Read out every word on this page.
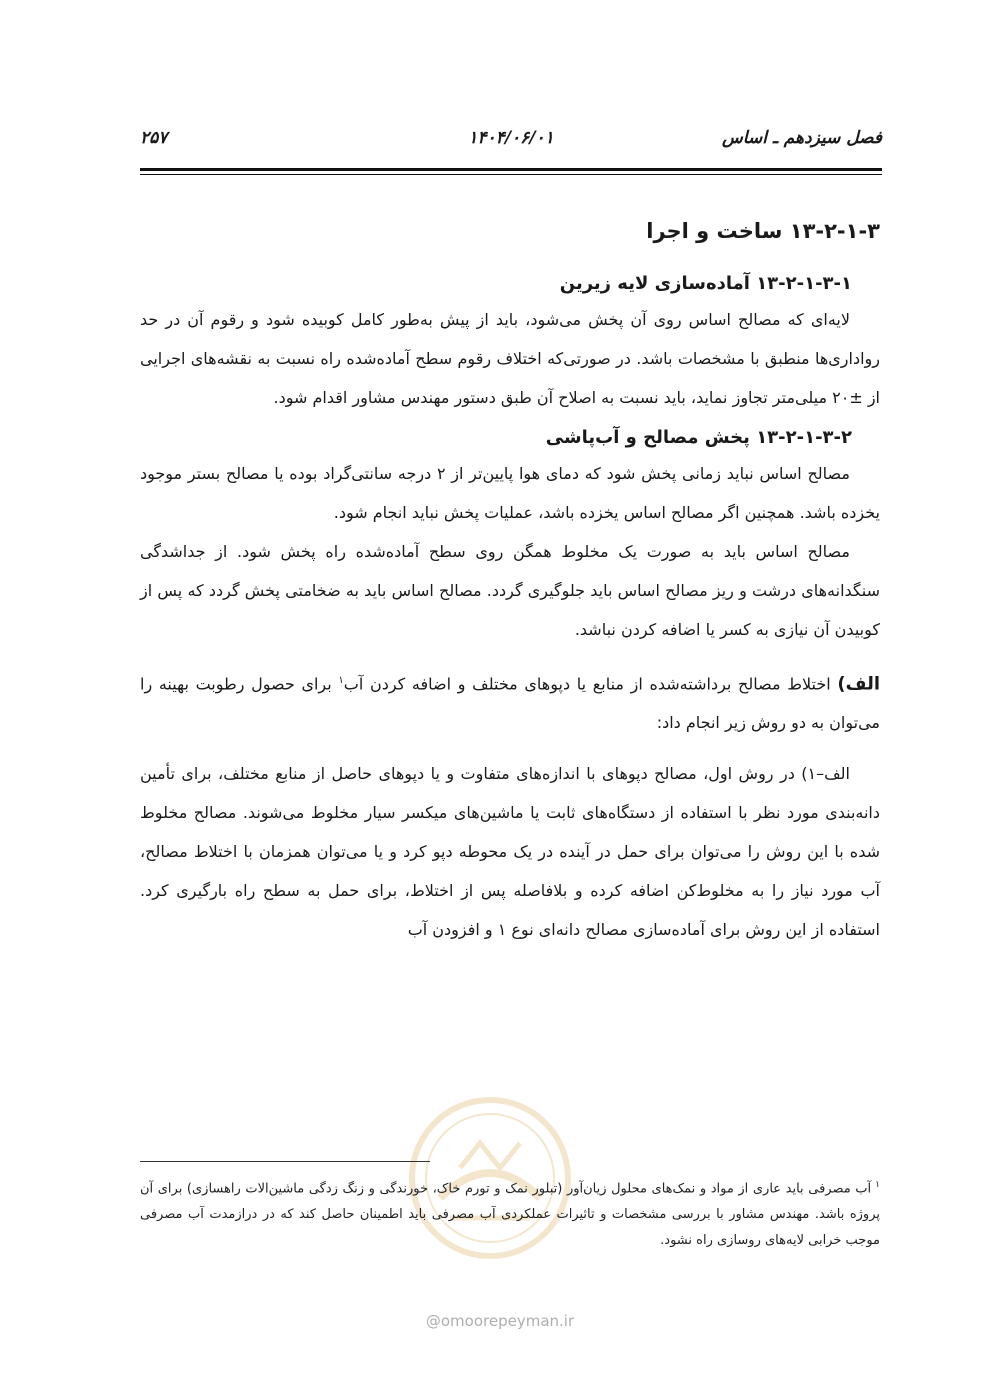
فصل سیزدهم ـ اساس
۱۴۰۴/۰۶/۰۱
۲۵۷
۱۳-۲-۱-۳ ساخت و اجرا
۱۳-۲-۱-۳-۱ آماده‌سازی لایه زیرین

لایه‌ای که مصالح اساس روی آن پخش می‌شود، باید از پیش به‌طور کامل کوبیده شود و رقوم آن در حد رواداری‌ها منطبق با مشخصات باشد. در صورتی‌که اختلاف رقوم سطح آماده‌شده راه نسبت به نقشه‌های اجرایی از ±۲۰ میلی‌متر تجاوز نماید، باید نسبت به اصلاح آن طبق دستور مهندس مشاور اقدام شود.

۱۳-۲-۱-۳-۲ پخش مصالح و آب‌پاشی

مصالح اساس نباید زمانی پخش شود که دمای هوا پایین‌تر از ۲ درجه سانتی‌گراد بوده یا مصالح بستر موجود یخزده باشد. همچنین اگر مصالح اساس یخزده باشد، عملیات پخش نباید انجام شود.

مصالح اساس باید به صورت یک مخلوط همگن روی سطح آماده‌شده راه پخش شود. از جداشدگی سنگدانه‌های درشت و ریز مصالح اساس باید جلوگیری گردد. مصالح اساس باید به ضخامتی پخش گردد که پس از کوبیدن آن نیازی به کسر یا اضافه کردن نباشد.

الف) اختلاط مصالح برداشته‌شده از منابع یا دپوهای مختلف و اضافه کردن آب$^۱$ برای حصول رطوبت بهینه را می‌توان به دو روش زیر انجام داد:

الف–۱) در روش اول، مصالح دپوهای با اندازه‌های متفاوت و یا دپوهای حاصل از منابع مختلف، برای تأمین دانه‌بندی مورد نظر با استفاده از دستگاه‌های ثابت یا ماشین‌های میکسر سیار مخلوط می‌شوند. مصالح مخلوط شده با این روش را می‌توان برای حمل در آینده در یک محوطه دپو کرد و یا می‌توان همزمان با اختلاط مصالح، آب مورد نیاز را به مخلوط‌کن اضافه کرده و بلافاصله پس از اختلاط، برای حمل به سطح راه بارگیری کرد. استفاده از این روش برای آماده‌سازی مصالح دانه‌ای نوع ۱ و افزودن آب

@omoorepeyman.ir
$^۱$آب مصرفی باید عاری از مواد و نمک‌های محلول زیان‌آور (تبلور نمک و تورم خاک، خورندگی و زنگ زدگی ماشین‌الات راهسازی) برای آن پروژه باشد. مهندس مشاور با بررسی مشخصات و تاثیرات عملکردی آب مصرفی باید اطمینان حاصل کند که در درازمدت آب مصرفی موجب خرابی لایه‌های روسازی راه نشود.
